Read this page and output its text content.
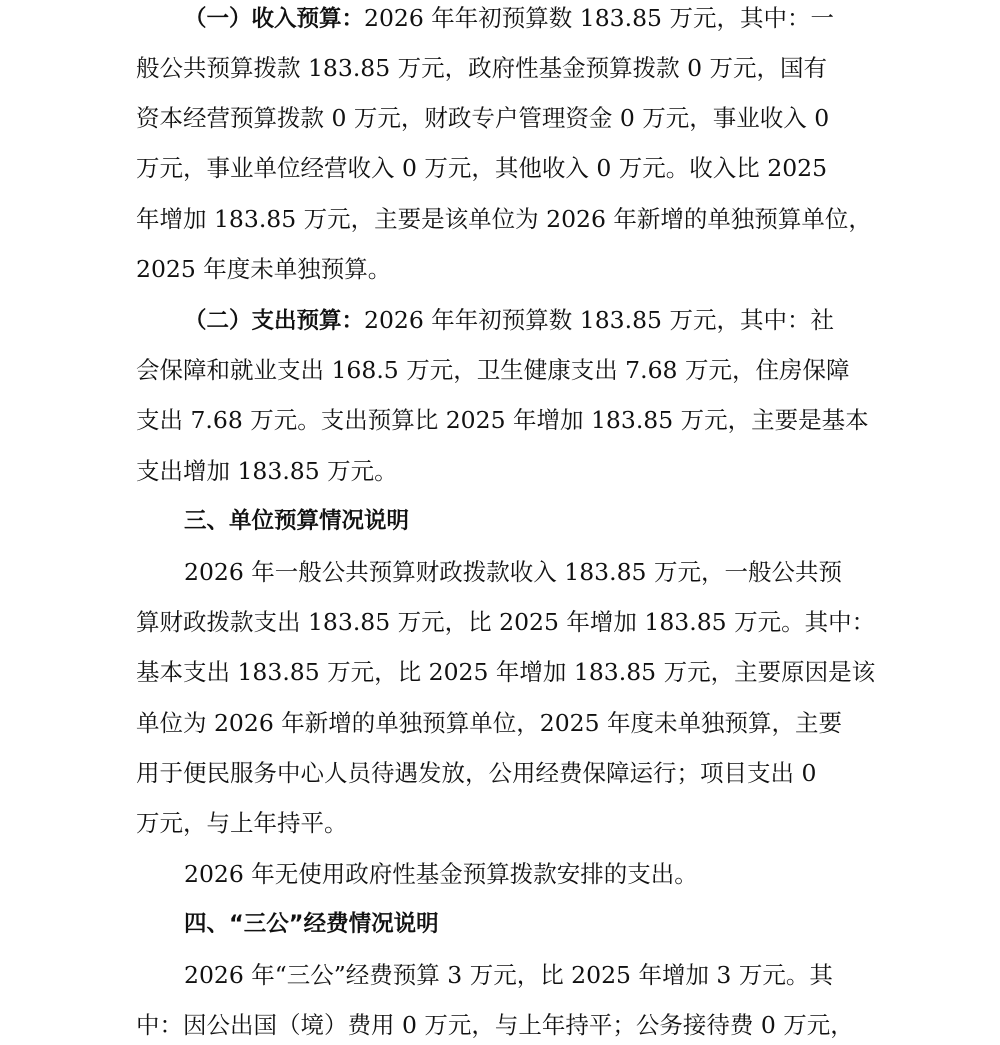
（一）收入预算：2026 年年初预算数 183.85 万元，其中：一
般公共预算拨款 183.85 万元，政府性基金预算拨款 0 万元，国有
资本经营预算拨款 0 万元，财政专户管理资金 0 万元，事业收入 0
万元，事业单位经营收入 0 万元，其他收入 0 万元。收入比 2025
年增加 183.85 万元，主要是该单位为 2026 年新增的单独预算单位，
2025 年度未单独预算。
（二）支出预算：2026 年年初预算数 183.85 万元，其中：社
会保障和就业支出 168.5 万元，卫生健康支出 7.68 万元，住房保障
支出 7.68 万元。支出预算比 2025 年增加 183.85 万元，主要是基本
支出增加 183.85 万元。
三、单位预算情况说明
2026 年一般公共预算财政拨款收入 183.85 万元，一般公共预
算财政拨款支出 183.85 万元，比 2025 年增加 183.85 万元。其中：
基本支出 183.85 万元，比 2025 年增加 183.85 万元，主要原因是该
单位为 2026 年新增的单独预算单位，2025 年度未单独预算，主要
用于便民服务中心人员待遇发放，公用经费保障运行；项目支出 0
万元，与上年持平。
2026 年无使用政府性基金预算拨款安排的支出。
四、“三公”经费情况说明
2026 年“三公”经费预算 3 万元，比 2025 年增加 3 万元。其
中：因公出国（境）费用 0 万元，与上年持平；公务接待费 0 万元，
